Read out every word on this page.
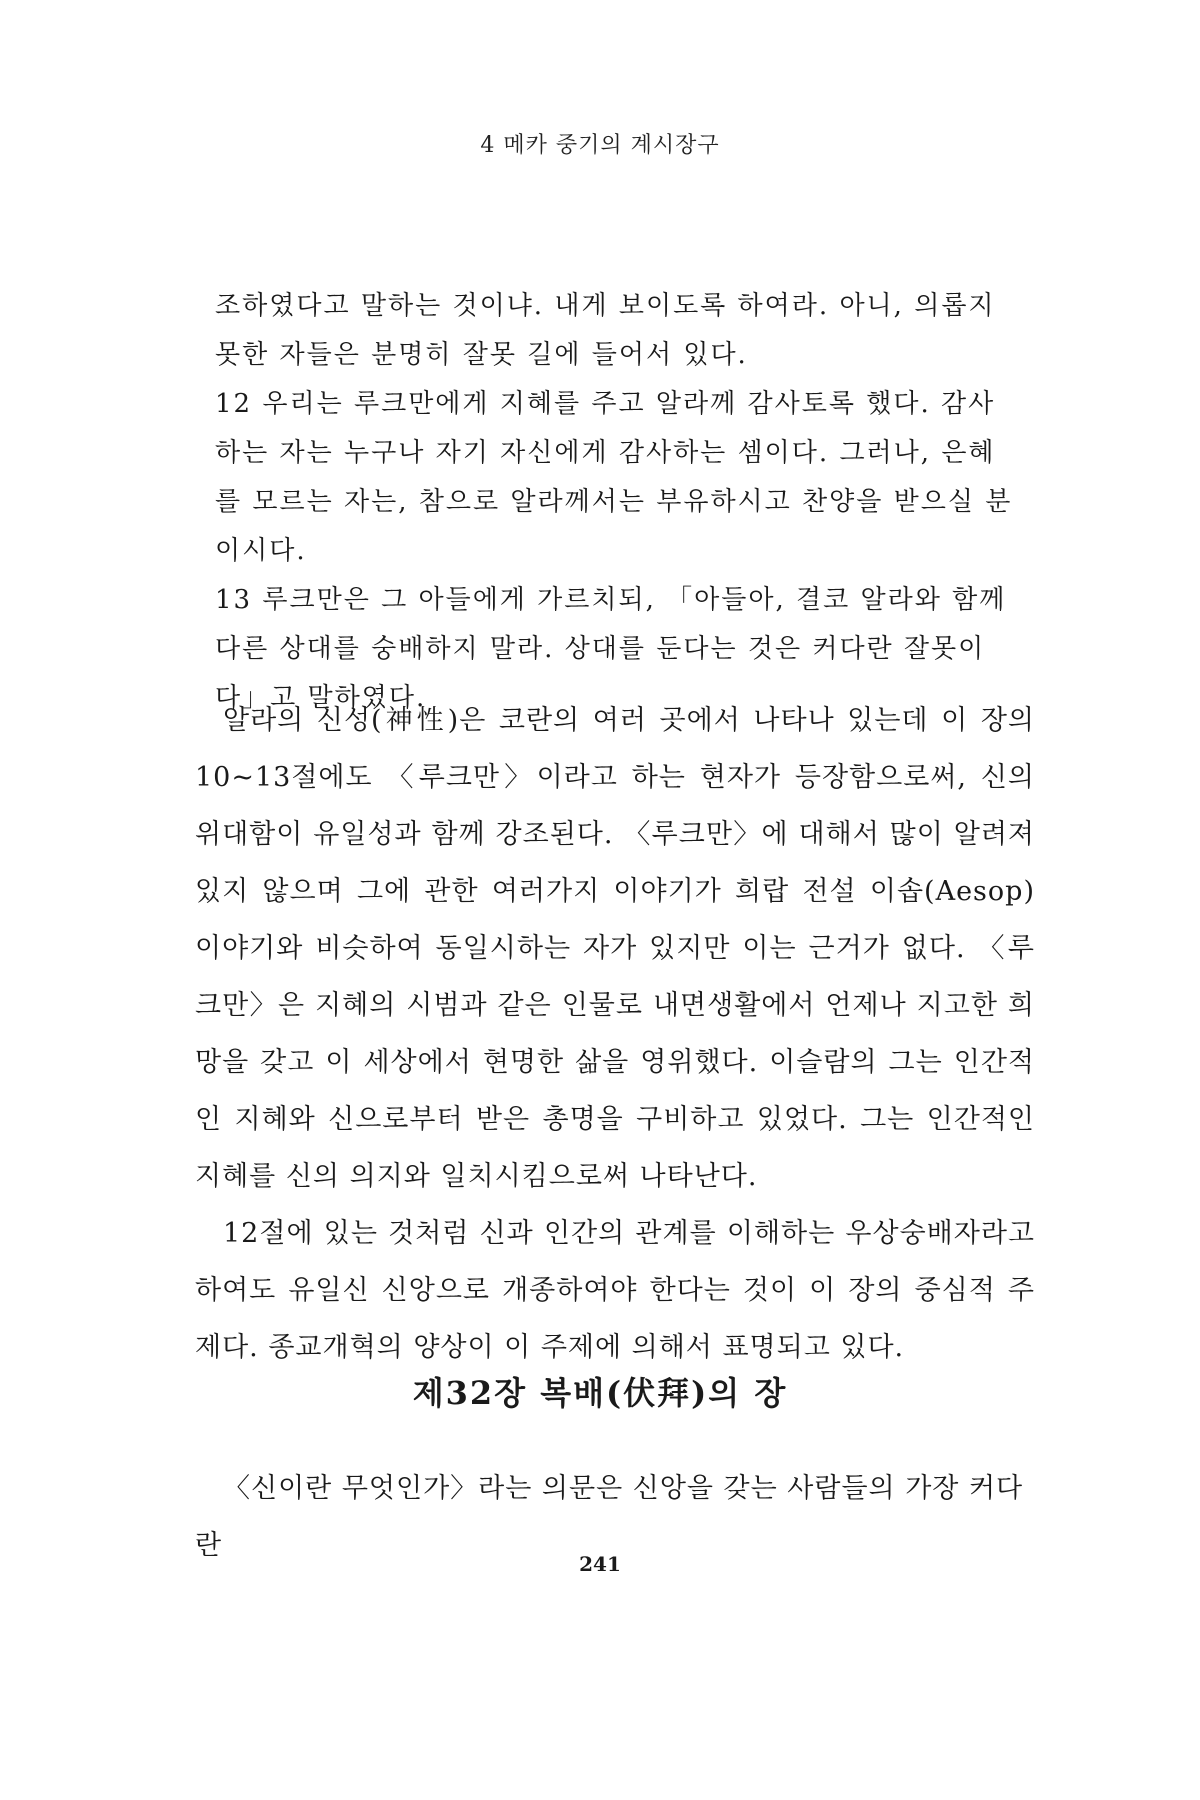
4 메카 중기의 계시장구

조하였다고 말하는 것이냐. 내게 보이도록 하여라. 아니, 의롭지 못한 자들은 분명히 잘못 길에 들어서 있다.

12 우리는 루크만에게 지혜를 주고 알라께 감사토록 했다. 감사하는 자는 누구나 자기 자신에게 감사하는 셈이다. 그러나, 은혜를 모르는 자는, 참으로 알라께서는 부유하시고 찬양을 받으실 분이시다.

13 루크만은 그 아들에게 가르치되, 「아들아, 결코 알라와 함께 다른 상대를 숭배하지 말라. 상대를 둔다는 것은 커다란 잘못이다」고 말하였다.

알라의 신성(神性)은 코란의 여러 곳에서 나타나 있는데 이 장의 10~13절에도 〈루크만〉이라고 하는 현자가 등장함으로써, 신의 위대함이 유일성과 함께 강조된다. 〈루크만〉에 대해서 많이 알려져 있지 않으며 그에 관한 여러가지 이야기가 희랍 전설 이솝(Aesop) 이야기와 비슷하여 동일시하는 자가 있지만 이는 근거가 없다. 〈루크만〉은 지혜의 시범과 같은 인물로 내면생활에서 언제나 지고한 희망을 갖고 이 세상에서 현명한 삶을 영위했다. 이슬람의 그는 인간적인 지혜와 신으로부터 받은 총명을 구비하고 있었다. 그는 인간적인 지혜를 신의 의지와 일치시킴으로써 나타난다.

12절에 있는 것처럼 신과 인간의 관계를 이해하는 우상숭배자라고 하여도 유일신 신앙으로 개종하여야 한다는 것이 이 장의 중심적 주제다. 종교개혁의 양상이 이 주제에 의해서 표명되고 있다.

제32장 복배(伏拜)의 장

〈신이란 무엇인가〉라는 의문은 신앙을 갖는 사람들의 가장 커다란

241
